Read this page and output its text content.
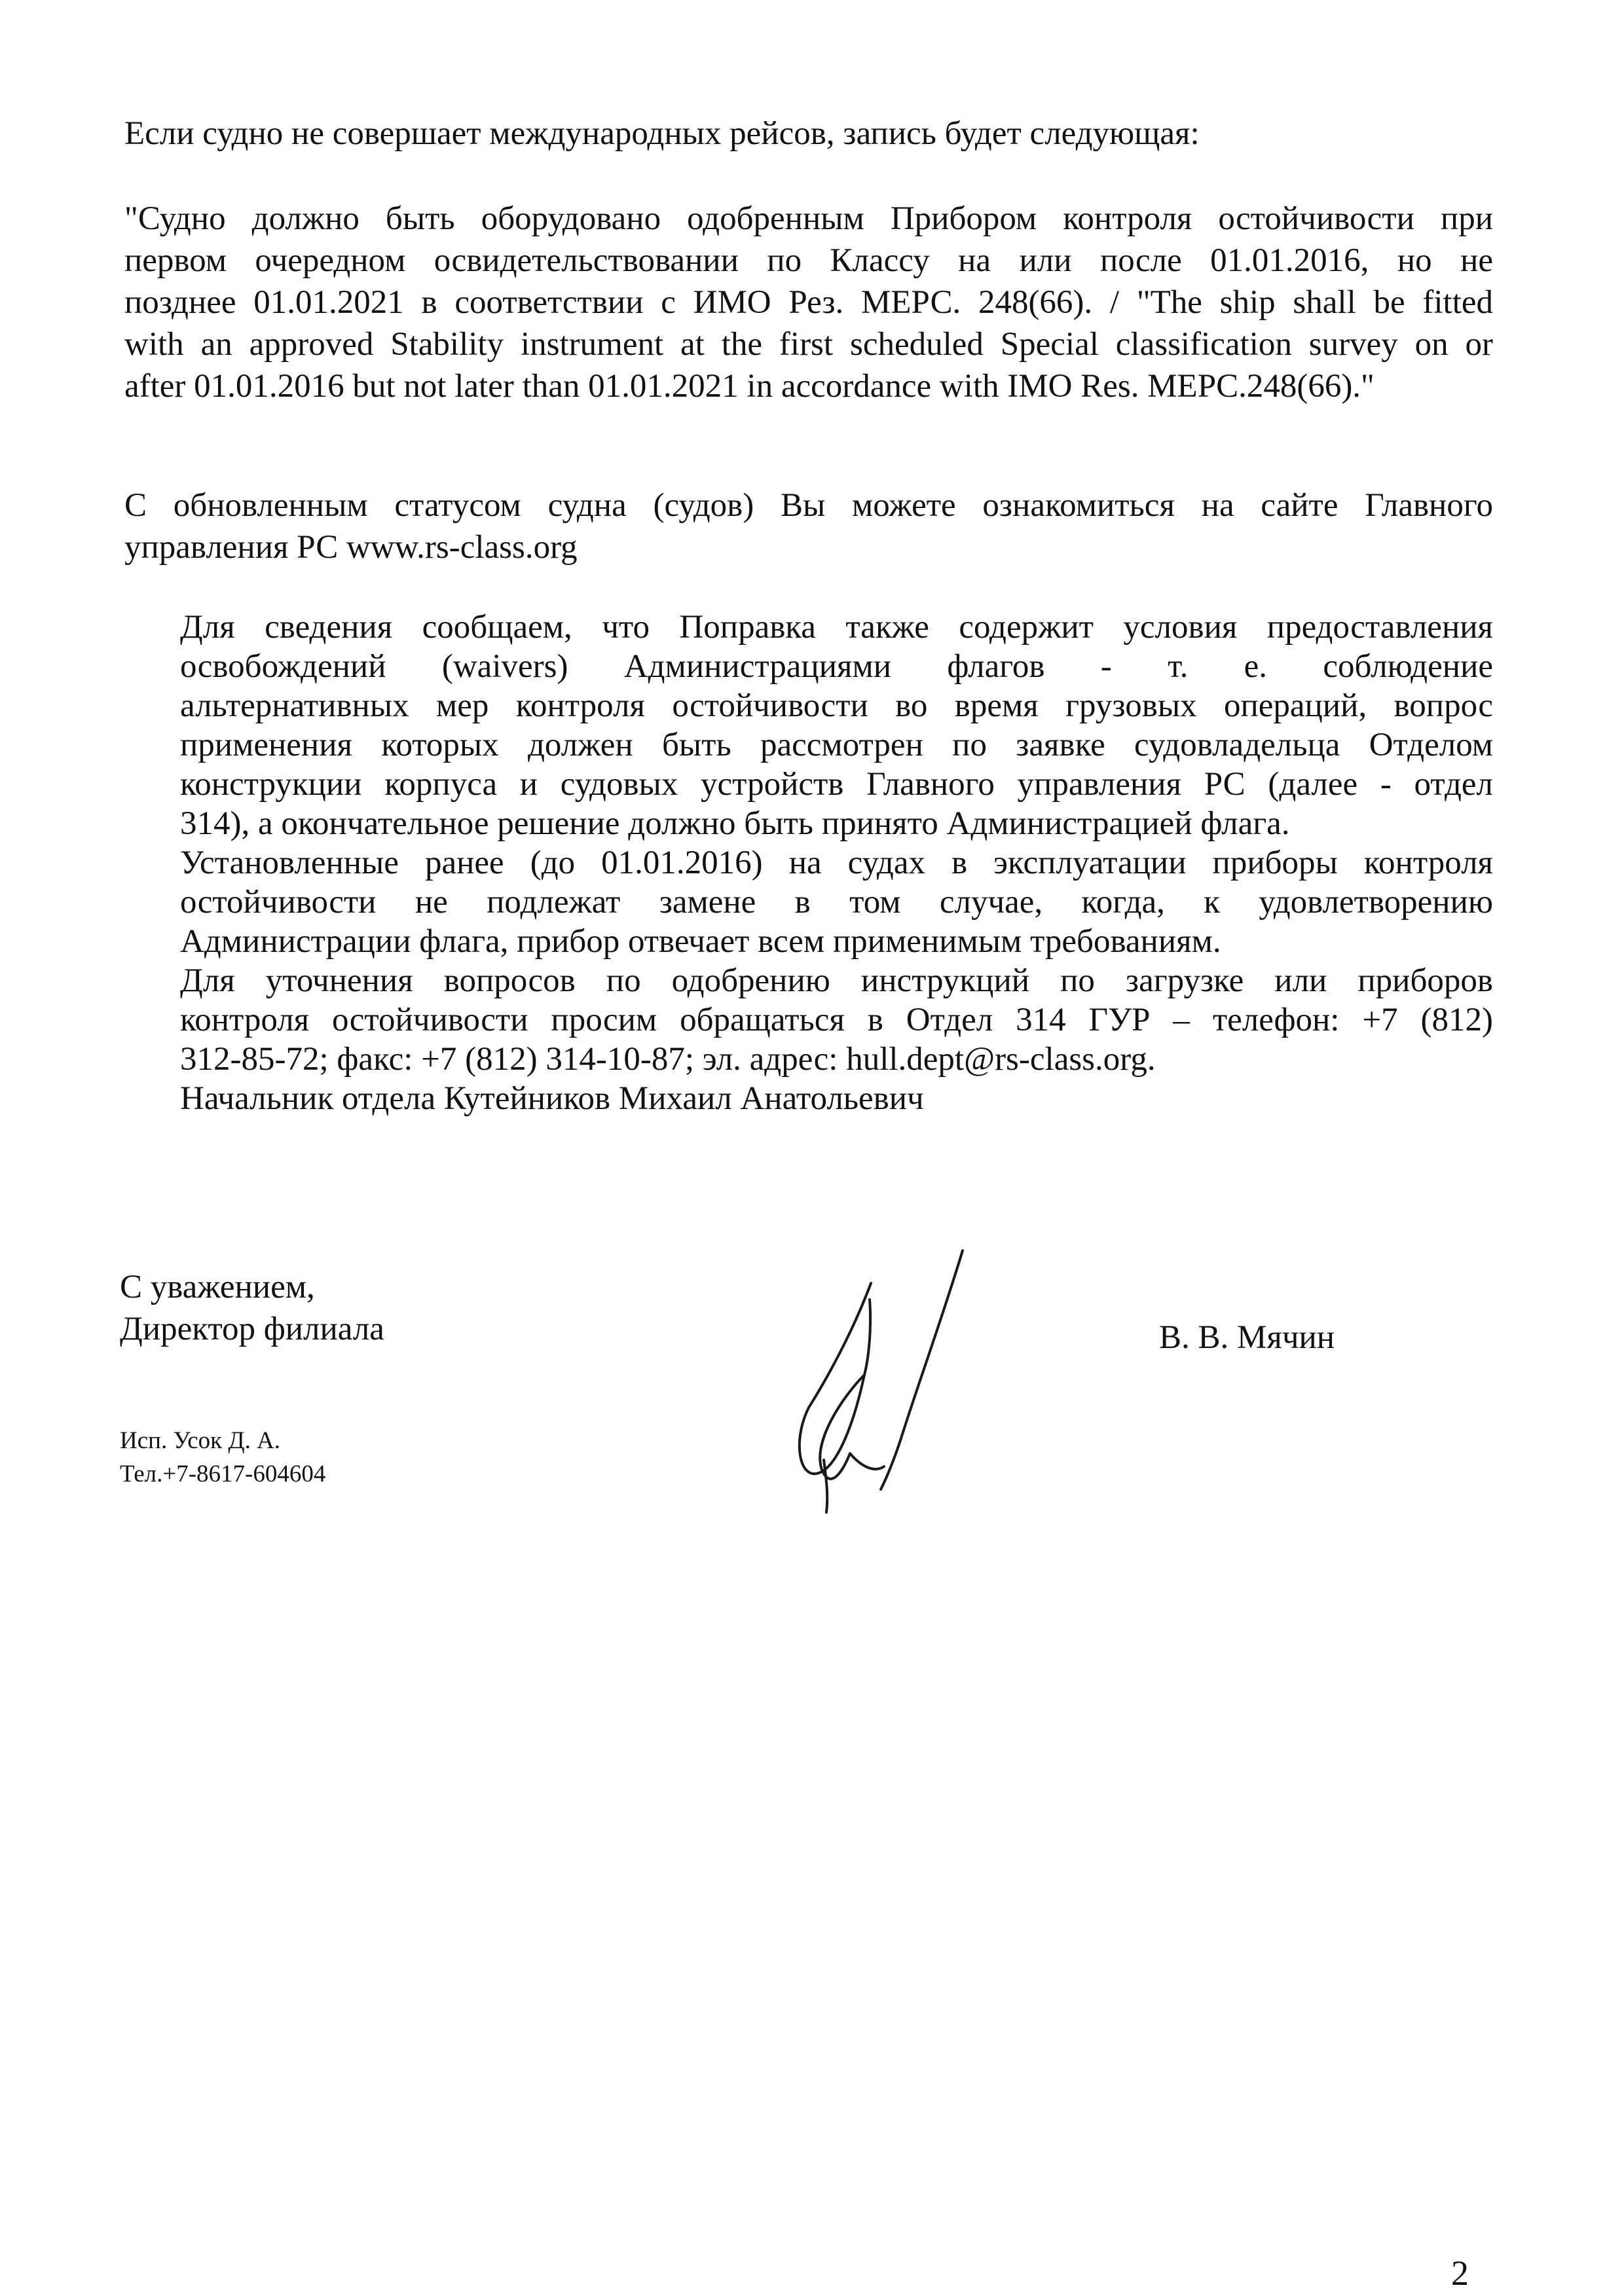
Если судно не совершает международных рейсов, запись будет следующая:

"Судно должно быть оборудовано одобренным Прибором контроля остойчивости при
первом очередном освидетельствовании по Классу на или после 01.01.2016, но не
позднее 01.01.2021 в соответствии с ИМО Рез. МЕРС. 248(66). / "The ship shall be fitted
with an approved Stability instrument at the first scheduled Special classification survey on or
after 01.01.2016 but not later than 01.01.2021 in accordance with IMO Res. MEPC.248(66)."
С обновленным статусом судна (судов) Вы можете ознакомиться на сайте Главного
управления РС www.rs-class.org
Для сведения сообщаем, что Поправка также содержит условия предоставления
освобождений (waivers) Администрациями флагов - т. е. соблюдение
альтернативных мер контроля остойчивости во время грузовых операций, вопрос
применения которых должен быть рассмотрен по заявке судовладельца Отделом
конструкции корпуса и судовых устройств Главного управления РС (далее - отдел
314), а окончательное решение должно быть принято Администрацией флага.
Установленные ранее (до 01.01.2016) на судах в эксплуатации приборы контроля
остойчивости не подлежат замене в том случае, когда, к удовлетворению
Администрации флага, прибор отвечает всем применимым требованиям.
Для уточнения вопросов по одобрению инструкций по загрузке или приборов
контроля остойчивости просим обращаться в Отдел 314 ГУР – телефон: +7 (812)
312-85-72; факс: +7 (812) 314-10-87; эл. адрес: hull.dept@rs-class.org.
Начальник отдела Кутейников Михаил Анатольевич

С уважением,

Директор филиала	В. В. Мячин

Исп. Усок Д. А.

Тел.+7-8617-604604

2
